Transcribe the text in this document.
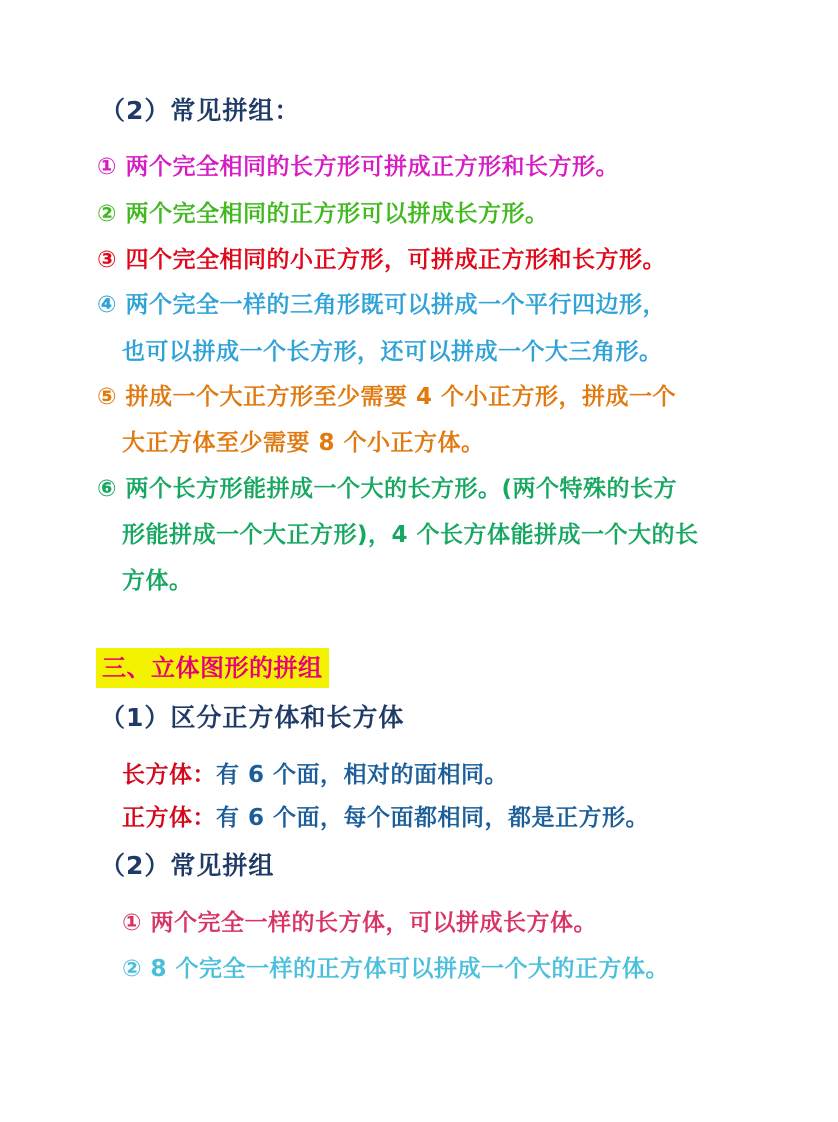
（2）常见拼组：
① 两个完全相同的长方形可拼成正方形和长方形。
② 两个完全相同的正方形可以拼成长方形。
③ 四个完全相同的小正方形，可拼成正方形和长方形。
④ 两个完全一样的三角形既可以拼成一个平行四边形，
也可以拼成一个长方形，还可以拼成一个大三角形。
⑤ 拼成一个大正方形至少需要 4 个小正方形，拼成一个
大正方体至少需要 8 个小正方体。
⑥ 两个长方形能拼成一个大的长方形。(两个特殊的长方
形能拼成一个大正方形)，4 个长方体能拼成一个大的长
方体。
三、立体图形的拼组
（1）区分正方体和长方体
长方体：有 6 个面，相对的面相同。
正方体：有 6 个面，每个面都相同，都是正方形。
（2）常见拼组
① 两个完全一样的长方体，可以拼成长方体。
② 8 个完全一样的正方体可以拼成一个大的正方体。
